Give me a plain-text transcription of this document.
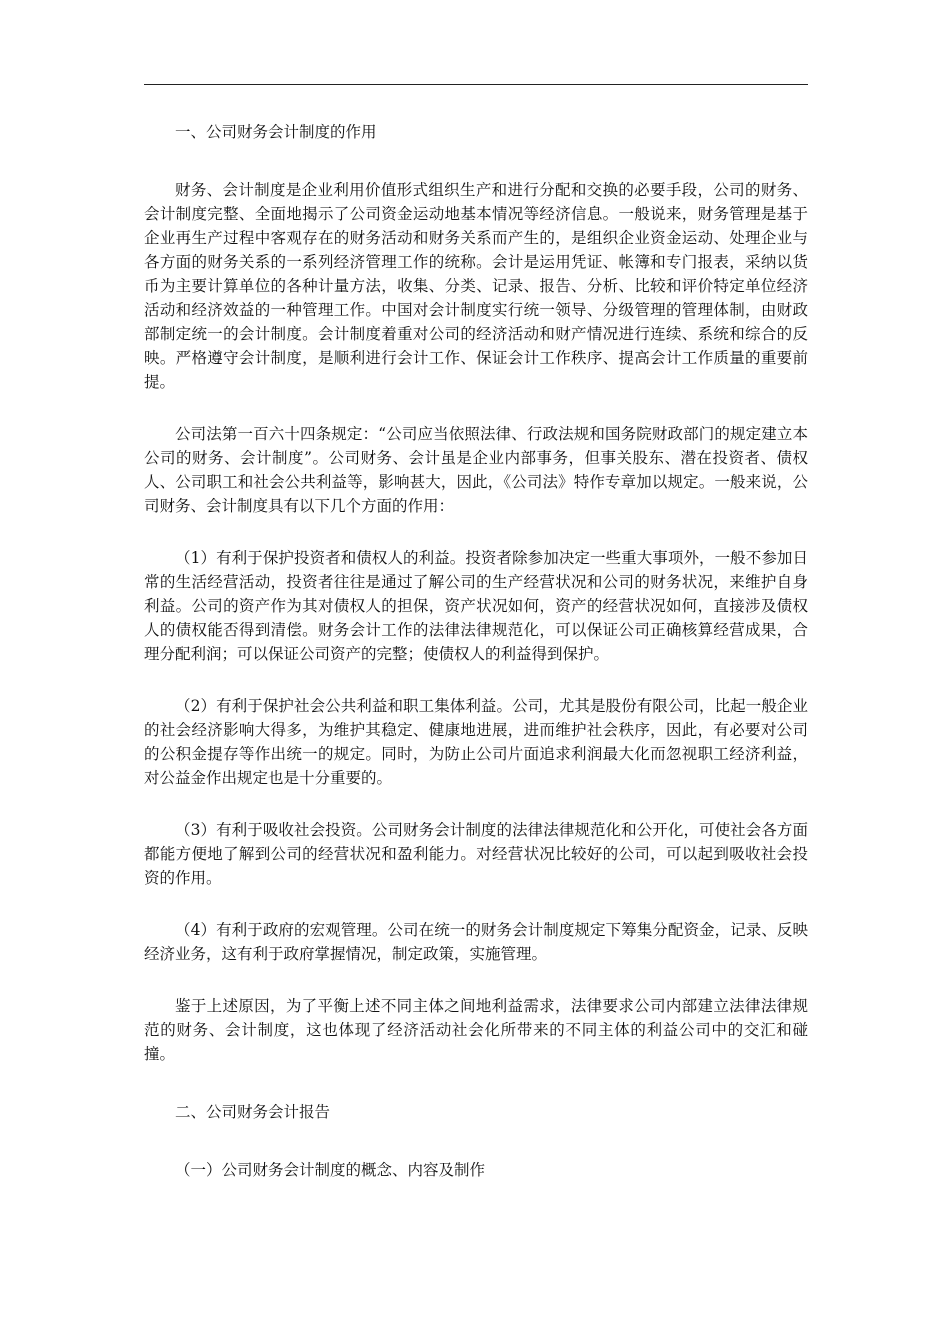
一、公司财务会计制度的作用

财务、会计制度是企业利用价值形式组织生产和进行分配和交换的必要手段，公司的财务、会计制度完整、全面地揭示了公司资金运动地基本情况等经济信息。一般说来，财务管理是基于企业再生产过程中客观存在的财务活动和财务关系而产生的，是组织企业资金运动、处理企业与各方面的财务关系的一系列经济管理工作的统称。会计是运用凭证、帐簿和专门报表，采纳以货币为主要计算单位的各种计量方法，收集、分类、记录、报告、分析、比较和评价特定单位经济活动和经济效益的一种管理工作。中国对会计制度实行统一领导、分级管理的管理体制，由财政部制定统一的会计制度。会计制度着重对公司的经济活动和财产情况进行连续、系统和综合的反映。严格遵守会计制度，是顺利进行会计工作、保证会计工作秩序、提高会计工作质量的重要前提。

公司法第一百六十四条规定：“公司应当依照法律、行政法规和国务院财政部门的规定建立本公司的财务、会计制度”。公司财务、会计虽是企业内部事务，但事关股东、潜在投资者、债权人、公司职工和社会公共利益等，影响甚大，因此，《公司法》特作专章加以规定。一般来说，公司财务、会计制度具有以下几个方面的作用：

（1）有利于保护投资者和债权人的利益。投资者除参加决定一些重大事项外，一般不参加日常的生活经营活动，投资者往往是通过了解公司的生产经营状况和公司的财务状况，来维护自身利益。公司的资产作为其对债权人的担保，资产状况如何，资产的经营状况如何，直接涉及债权人的债权能否得到清偿。财务会计工作的法律法律规范化，可以保证公司正确核算经营成果，合理分配利润；可以保证公司资产的完整；使债权人的利益得到保护。

（2）有利于保护社会公共利益和职工集体利益。公司，尤其是股份有限公司，比起一般企业的社会经济影响大得多，为维护其稳定、健康地进展，进而维护社会秩序，因此，有必要对公司的公积金提存等作出统一的规定。同时，为防止公司片面追求利润最大化而忽视职工经济利益，对公益金作出规定也是十分重要的。

（3）有利于吸收社会投资。公司财务会计制度的法律法律规范化和公开化，可使社会各方面都能方便地了解到公司的经营状况和盈利能力。对经营状况比较好的公司，可以起到吸收社会投资的作用。

（4）有利于政府的宏观管理。公司在统一的财务会计制度规定下筹集分配资金，记录、反映经济业务，这有利于政府掌握情况，制定政策，实施管理。

鉴于上述原因，为了平衡上述不同主体之间地利益需求，法律要求公司内部建立法律法律规范的财务、会计制度，这也体现了经济活动社会化所带来的不同主体的利益公司中的交汇和碰撞。

二、公司财务会计报告

（一）公司财务会计制度的概念、内容及制作
